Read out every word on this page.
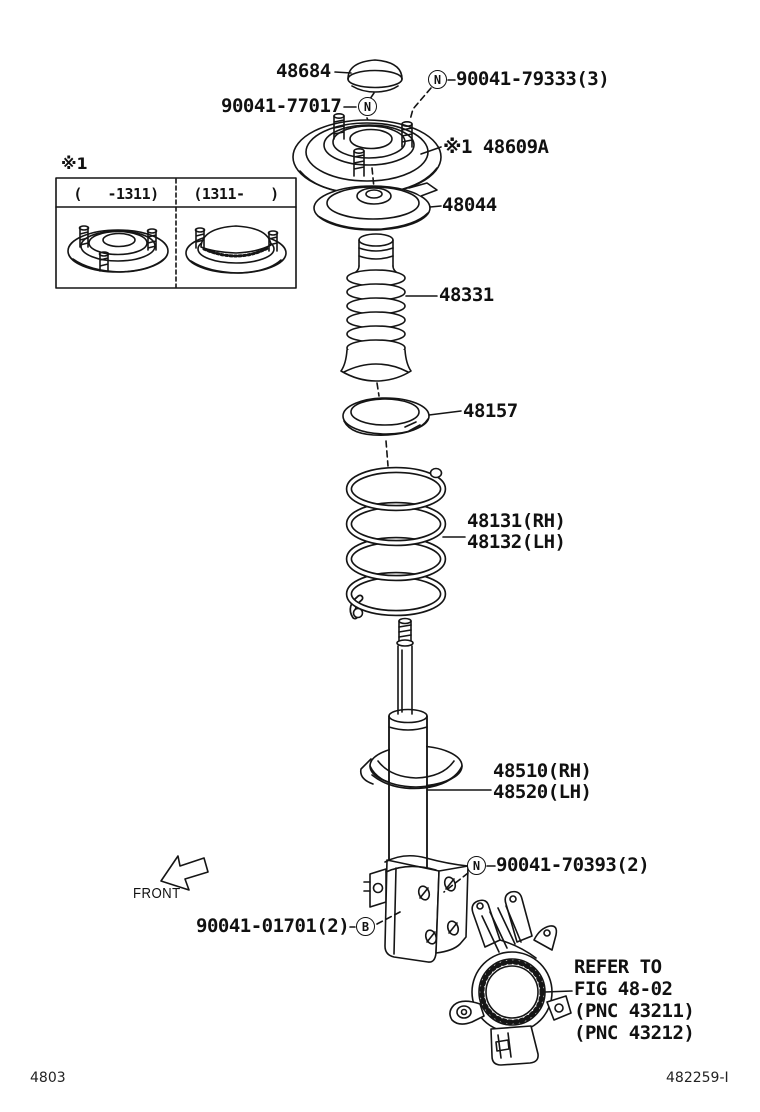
48684
90041-77017
90041-79333(3)
※1 48609A
48044
48331
48157
48131(RH)
48132(LH)
48510(RH)
48520(LH)
90041-70393(2)
90041-01701(2)
REFER TO
FIG 48-02
(PNC 43211)
(PNC 43212)
N
N
N
B
※1
(   -1311)	(1311-   )
FRONT
4803	482259-I
